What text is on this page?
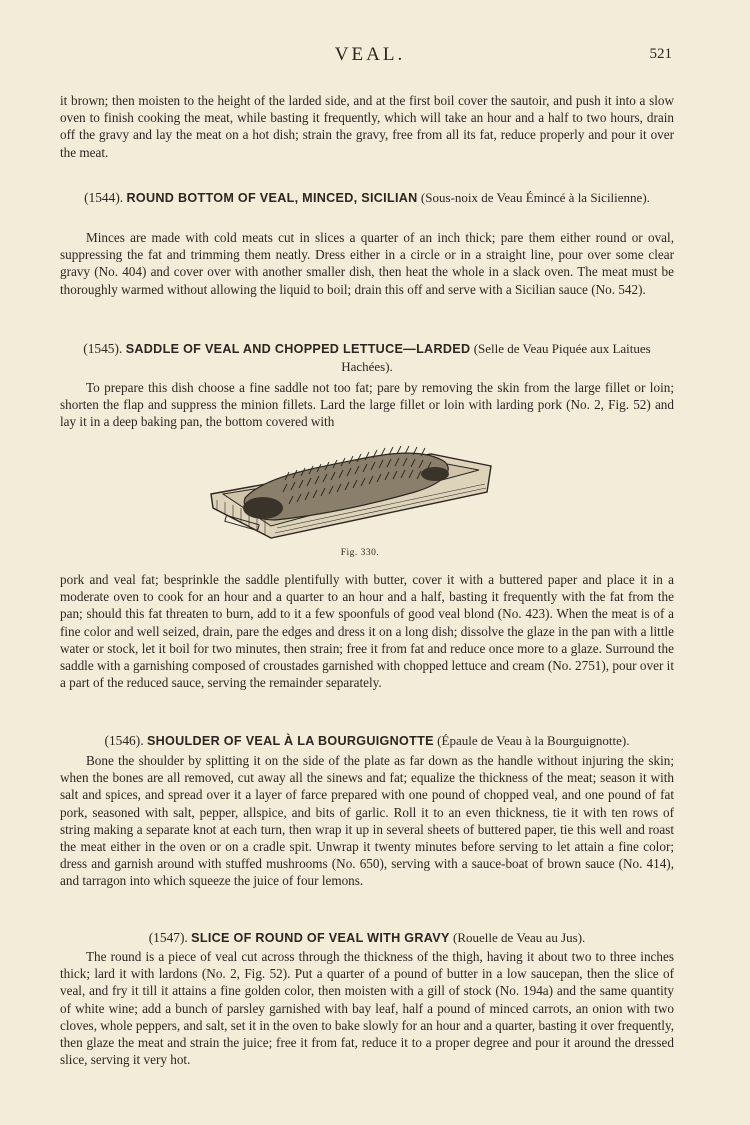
VEAL.	521
it brown; then moisten to the height of the larded side, and at the first boil cover the sautoir, and push it into a slow oven to finish cooking the meat, while basting it frequently, which will take an hour and a half to two hours, drain off the gravy and lay the meat on a hot dish; strain the gravy, free from all its fat, reduce properly and pour it over the meat.
(1544). ROUND BOTTOM OF VEAL, MINCED, SICILIAN (Sous-noix de Veau Émincé à la Sicilienne).
Minces are made with cold meats cut in slices a quarter of an inch thick; pare them either round or oval, suppressing the fat and trimming them neatly. Dress either in a circle or in a straight line, pour over some clear gravy (No. 404) and cover over with another smaller dish, then heat the whole in a slack oven. The meat must be thoroughly warmed without allowing the liquid to boil; drain this off and serve with a Sicilian sauce (No. 542).
(1545). SADDLE OF VEAL AND CHOPPED LETTUCE—LARDED (Selle de Veau Piquée aux Laitues Hachées).
To prepare this dish choose a fine saddle not too fat; pare by removing the skin from the large fillet or loin; shorten the flap and suppress the minion fillets. Lard the large fillet or loin with larding pork (No. 2, Fig. 52) and lay it in a deep baking pan, the bottom covered with
Fig. 330.
pork and veal fat; besprinkle the saddle plentifully with butter, cover it with a buttered paper and place it in a moderate oven to cook for an hour and a quarter to an hour and a half, basting it frequently with the fat from the pan; should this fat threaten to burn, add to it a few spoonfuls of good veal blond (No. 423). When the meat is of a fine color and well seized, drain, pare the edges and dress it on a long dish; dissolve the glaze in the pan with a little water or stock, let it boil for two minutes, then strain; free it from fat and reduce once more to a glaze. Surround the saddle with a garnishing composed of croustades garnished with chopped lettuce and cream (No. 2751), pour over it a part of the reduced sauce, serving the remainder separately.
(1546). SHOULDER OF VEAL À LA BOURGUIGNOTTE (Épaule de Veau à la Bourguignotte).
Bone the shoulder by splitting it on the side of the plate as far down as the handle without injuring the skin; when the bones are all removed, cut away all the sinews and fat; equalize the thickness of the meat; season it with salt and spices, and spread over it a layer of farce prepared with one pound of chopped veal, and one pound of fat pork, seasoned with salt, pepper, allspice, and bits of garlic. Roll it to an even thickness, tie it with ten rows of string making a separate knot at each turn, then wrap it up in several sheets of buttered paper, tie this well and roast the meat either in the oven or on a cradle spit. Unwrap it twenty minutes before serving to let attain a fine color; dress and garnish around with stuffed mushrooms (No. 650), serving with a sauce-boat of brown sauce (No. 414), and tarragon into which squeeze the juice of four lemons.
(1547). SLICE OF ROUND OF VEAL WITH GRAVY (Rouelle de Veau au Jus).
The round is a piece of veal cut across through the thickness of the thigh, having it about two to three inches thick; lard it with lardons (No. 2, Fig. 52). Put a quarter of a pound of butter in a low saucepan, then the slice of veal, and fry it till it attains a fine golden color, then moisten with a gill of stock (No. 194a) and the same quantity of white wine; add a bunch of parsley garnished with bay leaf, half a pound of minced carrots, an onion with two cloves, whole peppers, and salt, set it in the oven to bake slowly for an hour and a quarter, basting it over frequently, then glaze the meat and strain the juice; free it from fat, reduce it to a proper degree and pour it around the dressed slice, serving it very hot.
